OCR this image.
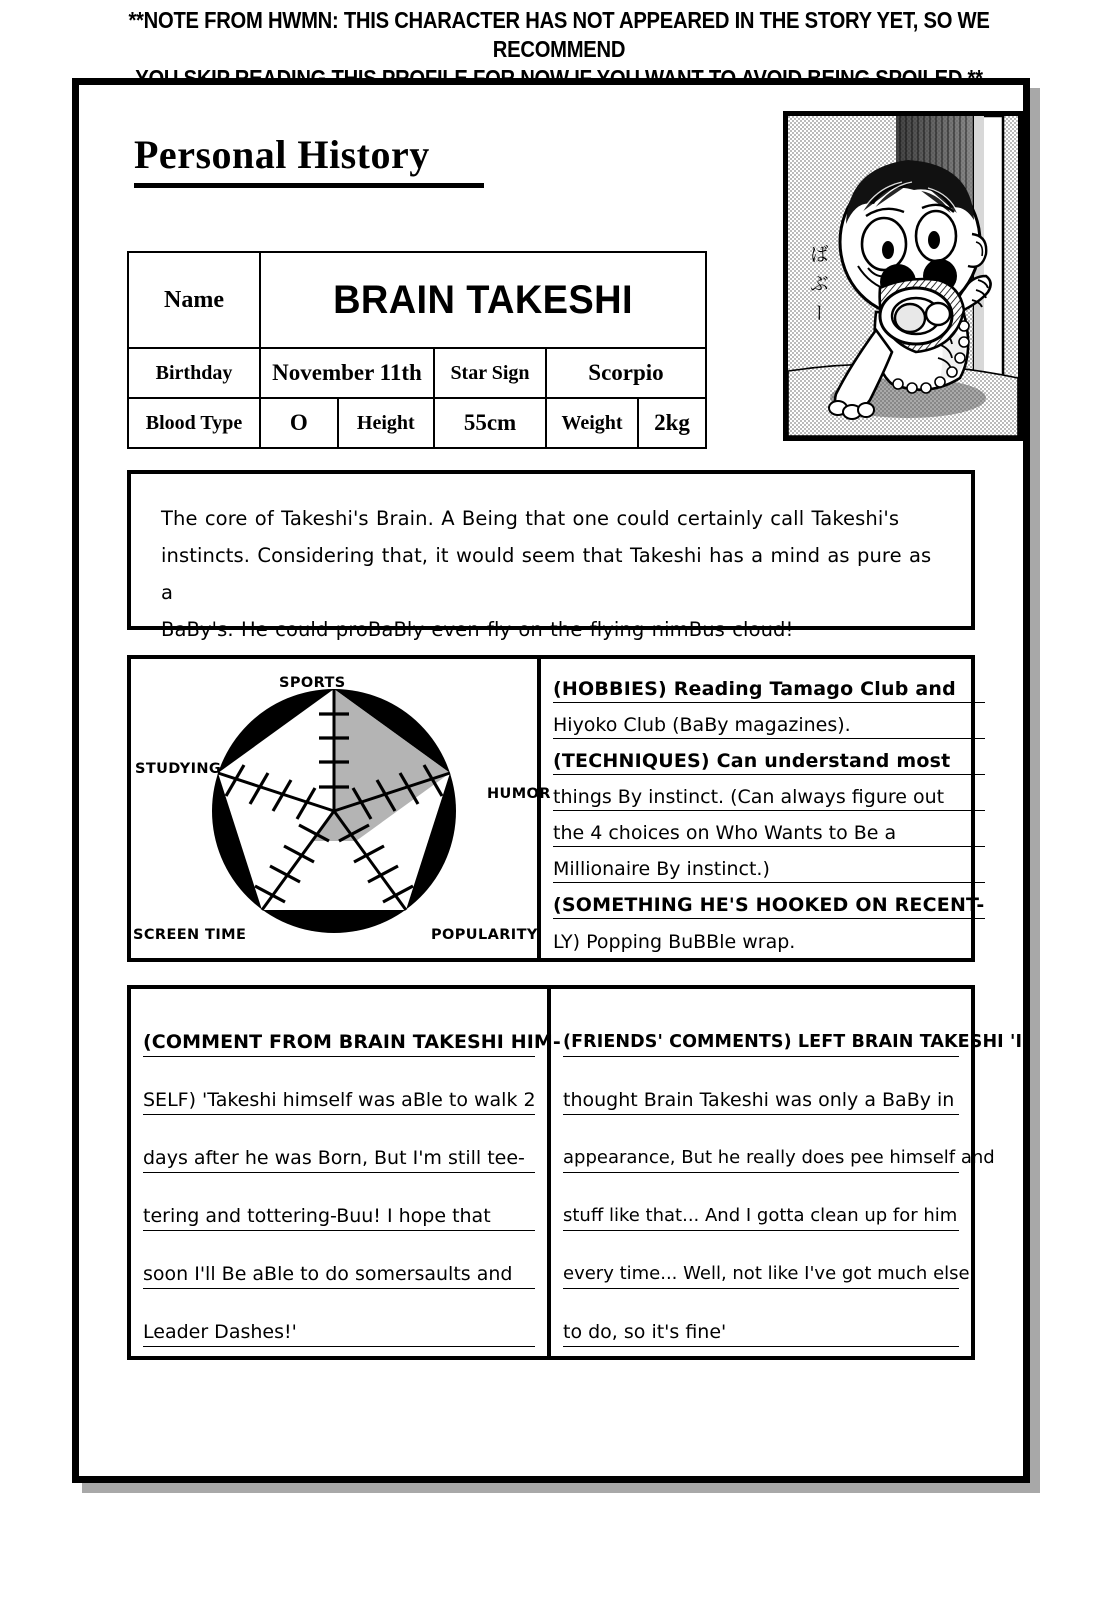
**NOTE FROM HWMN: THIS CHARACTER HAS NOT APPEARED IN THE STORY YET, SO WE RECOMMEND
Personal History
ばぶー
Name	BRAIN TAKESHI				
Birthday	November 11th		Star Sign	Scorpio	
Blood Type	O	Height	55cm	Weight	2kg

The core of Takeshi's Brain. A Being that one could certainly call Takeshi's

instincts. Considering that, it would seem that Takeshi has a mind as pure as a

BaBy's. He could proBaBly even fly on the flying nimBus cloud!

SPORTS
STUDYING
HUMOR
SCREEN TIME	POPULARITY
(HOBBIES) Reading Tamago Club and
Hiyoko Club (BaBy magazines).
(TECHNIQUES) Can understand most
things By instinct. (Can always figure out
the 4 choices on Who Wants to Be a
Millionaire By instinct.)
(SOMETHING HE'S HOOKED ON RECENT-
LY) Popping BuBBle wrap.
(COMMENT FROM BRAIN TAKESHI HIM-
SELF) 'Takeshi himself was aBle to walk 2
days after he was Born, But I'm still tee-
tering and tottering-Buu! I hope that
soon I'll Be aBle to do somersaults and
Leader Dashes!'
(FRIENDS' COMMENTS) LEFT BRAIN TAKESHI 'I
thought Brain Takeshi was only a BaBy in
appearance, But he really does pee himself and
stuff like that... And I gotta clean up for him
every time... Well, not like I've got much else
to do, so it's fine'
